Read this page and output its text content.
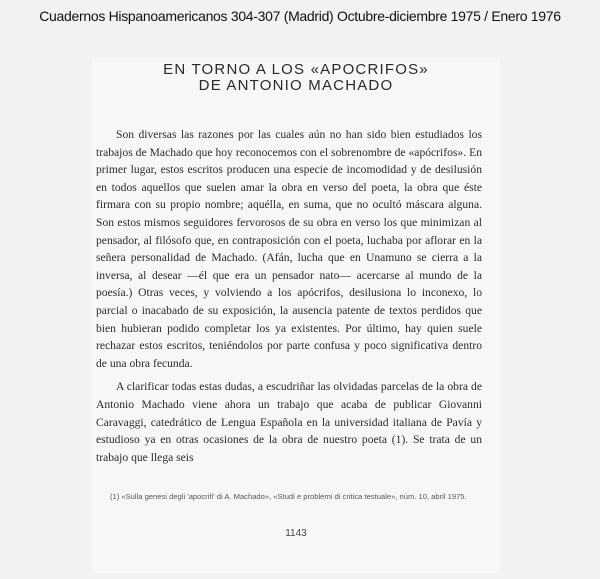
Cuadernos Hispanoamericanos 304-307 (Madrid) Octubre-diciembre 1975 / Enero 1976
EN TORNO A LOS «APOCRIFOS»
DE ANTONIO MACHADO

Son diversas las razones por las cuales aún no han sido bien estudiados los trabajos de Machado que hoy reconocemos con el sobrenombre de «apócrifos». En primer lugar, estos escritos producen una especie de incomodidad y de desilusión en todos aquellos que suelen amar la obra en verso del poeta, la obra que éste firmara con su propio nombre; aquélla, en suma, que no ocultó máscara alguna. Son estos mismos seguidores fervorosos de su obra en verso los que minimizan al pensador, al filósofo que, en contraposición con el poeta, luchaba por aflorar en la señera personalidad de Machado. (Afán, lucha que en Unamuno se cierra a la inversa, al desear —él que era un pensador nato— acercarse al mundo de la poesía.) Otras veces, y volviendo a los apócrifos, desilusiona lo inconexo, lo parcial o inacabado de su exposición, la ausencia patente de textos perdidos que bien hubieran podido completar los ya existentes. Por último, hay quien suele rechazar estos escritos, teniéndolos por parte confusa y poco significativa dentro de una obra fecunda.

A clarificar todas estas dudas, a escudriñar las olvidadas parcelas de la obra de Antonio Machado viene ahora un trabajo que acaba de publicar Giovanni Caravaggi, catedrático de Lengua Española en la universidad italiana de Pavía y estudioso ya en otras ocasiones de la obra de nuestro poeta (1). Se trata de un trabajo que llega seis

(1) «Sulla genesi degli 'apocrifi' di A. Machado», «Studi e problemi di critica testuale», núm. 10, abril 1975.
1143
